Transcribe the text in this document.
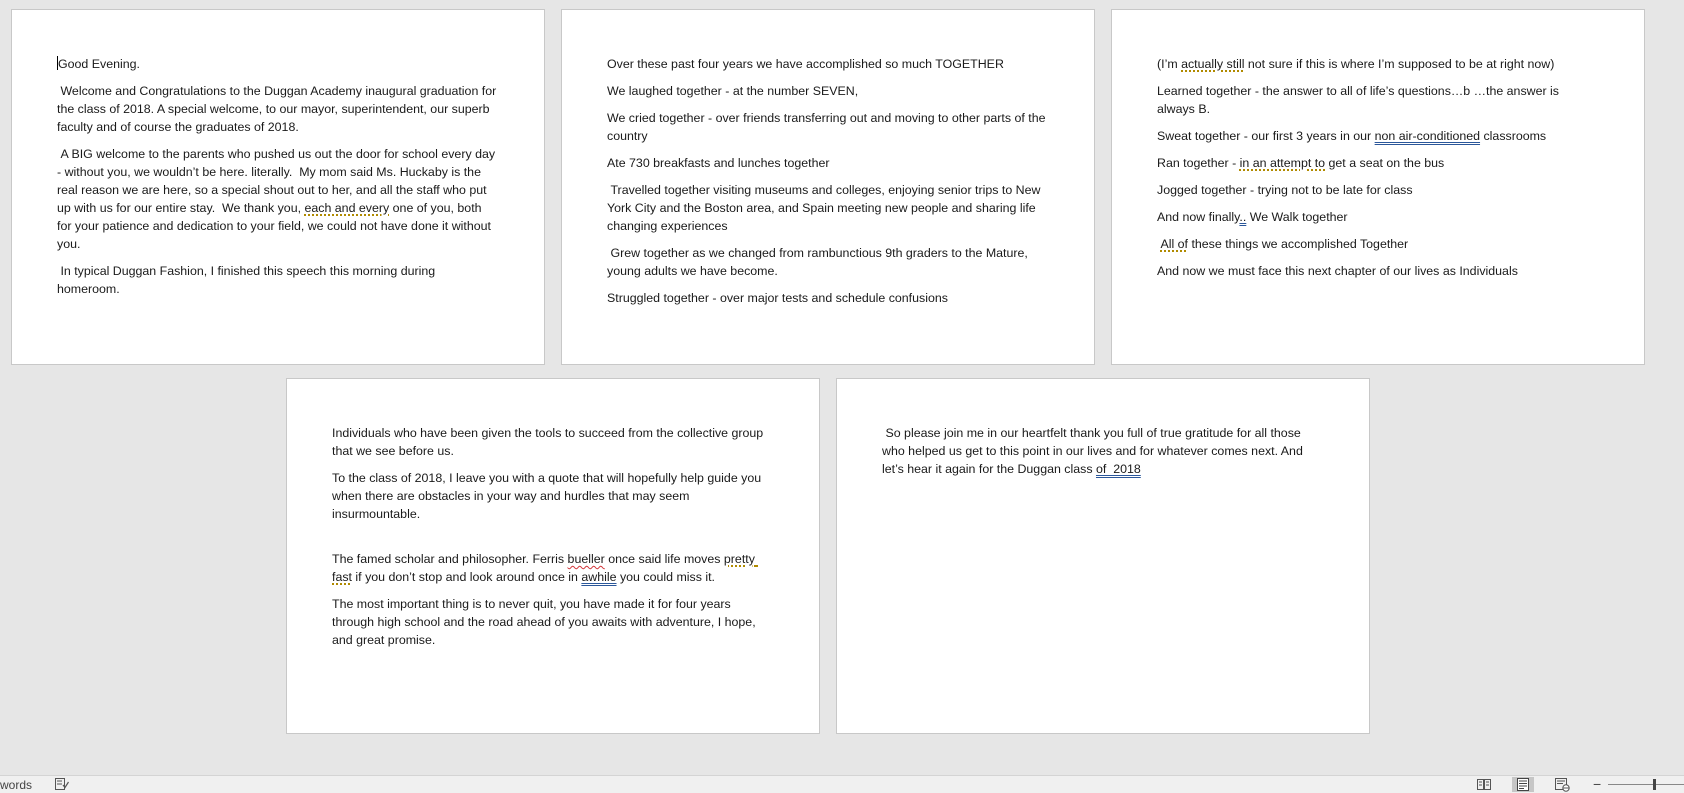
Good Evening.

Welcome and Congratulations to the Duggan Academy inaugural graduation for the class of 2018. A special welcome, to our mayor, superintendent, our superb faculty and of course the graduates of 2018.

A BIG welcome to the parents who pushed us out the door for school every day - without you, we wouldn’t be here. literally.  My mom said Ms. Huckaby is the real reason we are here, so a special shout out to her, and all the staff who put up with us for our entire stay.  We thank you, each and every one of you, both for your patience and dedication to your field, we could not have done it without you.

In typical Duggan Fashion, I finished this speech this morning during homeroom.

Over these past four years we have accomplished so much TOGETHER

We laughed together - at the number SEVEN,

We cried together - over friends transferring out and moving to other parts of the country

Ate 730 breakfasts and lunches together

Travelled together visiting museums and colleges, enjoying senior trips to New York City and the Boston area, and Spain meeting new people and sharing life changing experiences

Grew together as we changed from rambunctious 9th graders to the Mature, young adults we have become.

Struggled together - over major tests and schedule confusions

(I’m actually still not sure if this is where I’m supposed to be at right now)

Learned together - the answer to all of life’s questions…b …the answer is always B.

Sweat together - our first 3 years in our non air-conditioned classrooms

Ran together - in an attempt to get a seat on the bus

Jogged together - trying not to be late for class

And now finally.. We Walk together

All of these things we accomplished Together

And now we must face this next chapter of our lives as Individuals

Individuals who have been given the tools to succeed from the collective group that we see before us.

To the class of 2018, I leave you with a quote that will hopefully help guide you when there are obstacles in your way and hurdles that may seem insurmountable.

The famed scholar and philosopher. Ferris bueller once said life moves pretty fast if you don’t stop and look around once in awhile you could miss it.

The most important thing is to never quit, you have made it for four years through high school and the road ahead of you awaits with adventure, I hope, and great promise.

So please join me in our heartfelt thank you full of true gratitude for all those who helped us get to this point in our lives and for whatever comes next. And let’s hear it again for the Duggan class of  2018

words	−
